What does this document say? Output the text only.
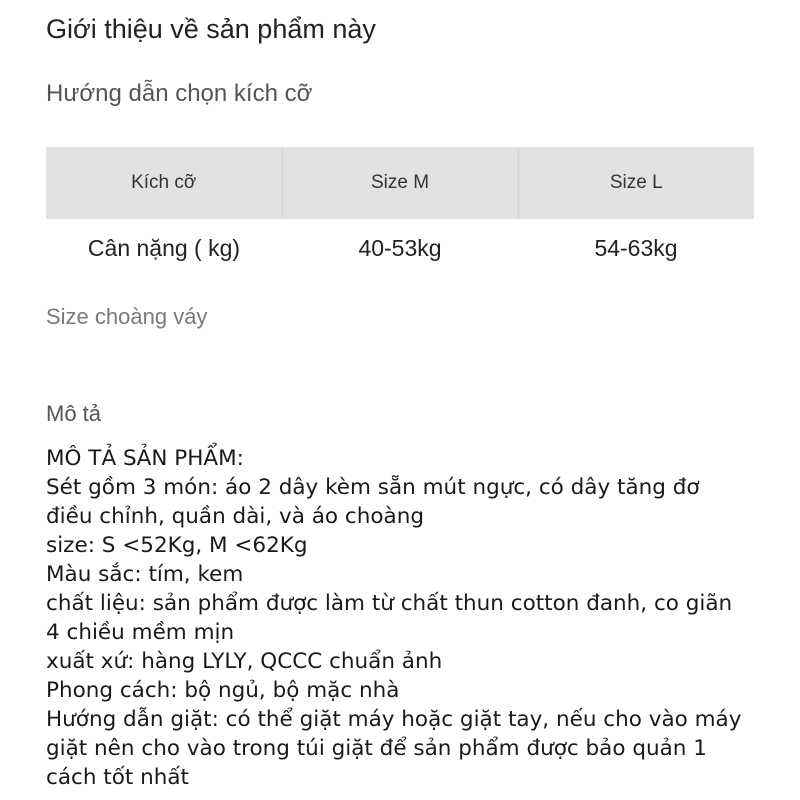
Giới thiệu về sản phẩm này
Hướng dẫn chọn kích cỡ
Kích cỡ	Size M	Size L
Cân nặng ( kg)	40-53kg	54-63kg
Size choàng váy
Mô tả
MÔ TẢ SẢN PHẨM:
Sét gồm 3 món: áo 2 dây kèm sẵn mút ngực, có dây tăng đơ điều chỉnh, quần dài, và áo choàng
size: S <52Kg, M <62Kg
Màu sắc: tím, kem
chất liệu: sản phẩm được làm từ chất thun cotton đanh, co giãn 4 chiều mềm mịn
xuất xứ: hàng LYLY, QCCC chuẩn ảnh
Phong cách: bộ ngủ, bộ mặc nhà
Hướng dẫn giặt: có thể giặt máy hoặc giặt tay, nếu cho vào máy giặt nên cho vào trong túi giặt để sản phẩm được bảo quản 1 cách tốt nhất
